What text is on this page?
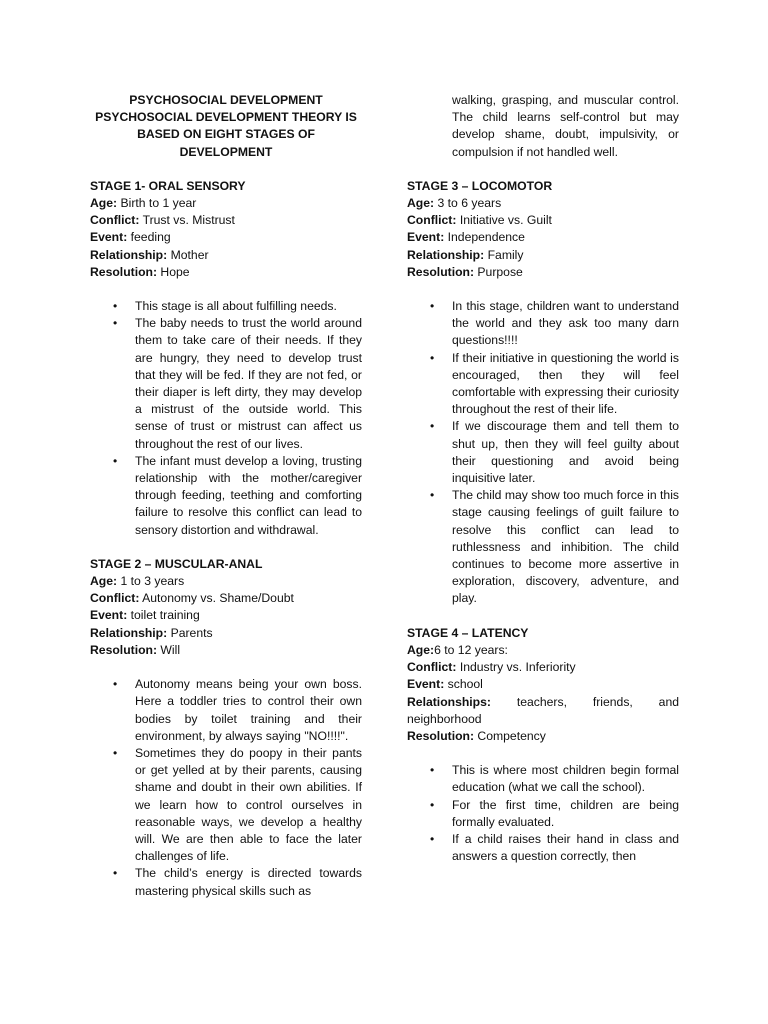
PSYCHOSOCIAL DEVELOPMENT
PSYCHOSOCIAL DEVELOPMENT THEORY IS
BASED ON EIGHT STAGES OF DEVELOPMENT
STAGE 1- ORAL SENSORY
Age: Birth to 1 year
Conflict: Trust vs. Mistrust
Event: feeding
Relationship: Mother
Resolution: Hope
• This stage is all about fulfilling needs.
• The baby needs to trust the world around them to take care of their needs. If they are hungry, they need to develop trust that they will be fed. If they are not fed, or their diaper is left dirty, they may develop a mistrust of the outside world. This sense of trust or mistrust can affect us throughout the rest of our lives.
• The infant must develop a loving, trusting relationship with the mother/caregiver through feeding, teething and comforting failure to resolve this conflict can lead to sensory distortion and withdrawal.
STAGE 2 – MUSCULAR-ANAL
Age: 1 to 3 years
Conflict: Autonomy vs. Shame/Doubt
Event: toilet training
Relationship: Parents
Resolution: Will
• Autonomy means being your own boss. Here a toddler tries to control their own bodies by toilet training and their environment, by always saying "NO!!!!".
• Sometimes they do poopy in their pants or get yelled at by their parents, causing shame and doubt in their own abilities. If we learn how to control ourselves in reasonable ways, we develop a healthy will. We are then able to face the later challenges of life.
• The child’s energy is directed towards mastering physical skills such as
walking, grasping, and muscular control. The child learns self-control but may develop shame, doubt, impulsivity, or compulsion if not handled well.
STAGE 3 – LOCOMOTOR
Age: 3 to 6 years
Conflict: Initiative vs. Guilt
Event: Independence
Relationship: Family
Resolution: Purpose
• In this stage, children want to understand the world and they ask too many darn questions!!!!
• If their initiative in questioning the world is encouraged, then they will feel comfortable with expressing their curiosity throughout the rest of their life.
• If we discourage them and tell them to shut up, then they will feel guilty about their questioning and avoid being inquisitive later.
• The child may show too much force in this stage causing feelings of guilt failure to resolve this conflict can lead to ruthlessness and inhibition. The child continues to become more assertive in exploration, discovery, adventure, and play.
STAGE 4 – LATENCY
Age:6 to 12 years:
Conflict: Industry vs. Inferiority
Event: school
Relationships: teachers, friends, and neighborhood
Resolution: Competency
• This is where most children begin formal education (what we call the school).
• For the first time, children are being formally evaluated.
• If a child raises their hand in class and answers a question correctly, then
